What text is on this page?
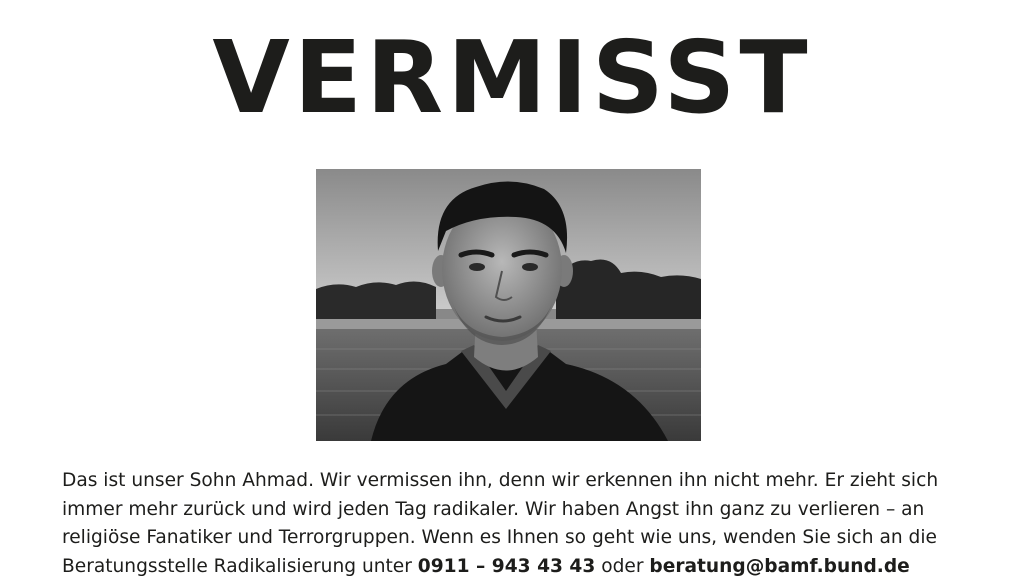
VERMISST
Das ist unser Sohn Ahmad. Wir vermissen ihn, denn wir erkennen ihn nicht mehr. Er zieht sich
immer mehr zurück und wird jeden Tag radikaler. Wir haben Angst ihn ganz zu verlieren – an
religiöse Fanatiker und Terrorgruppen. Wenn es Ihnen so geht wie uns, wenden Sie sich an die
Beratungsstelle Radikalisierung unter 0911 – 943 43 43 oder beratung@bamf.bund.de
